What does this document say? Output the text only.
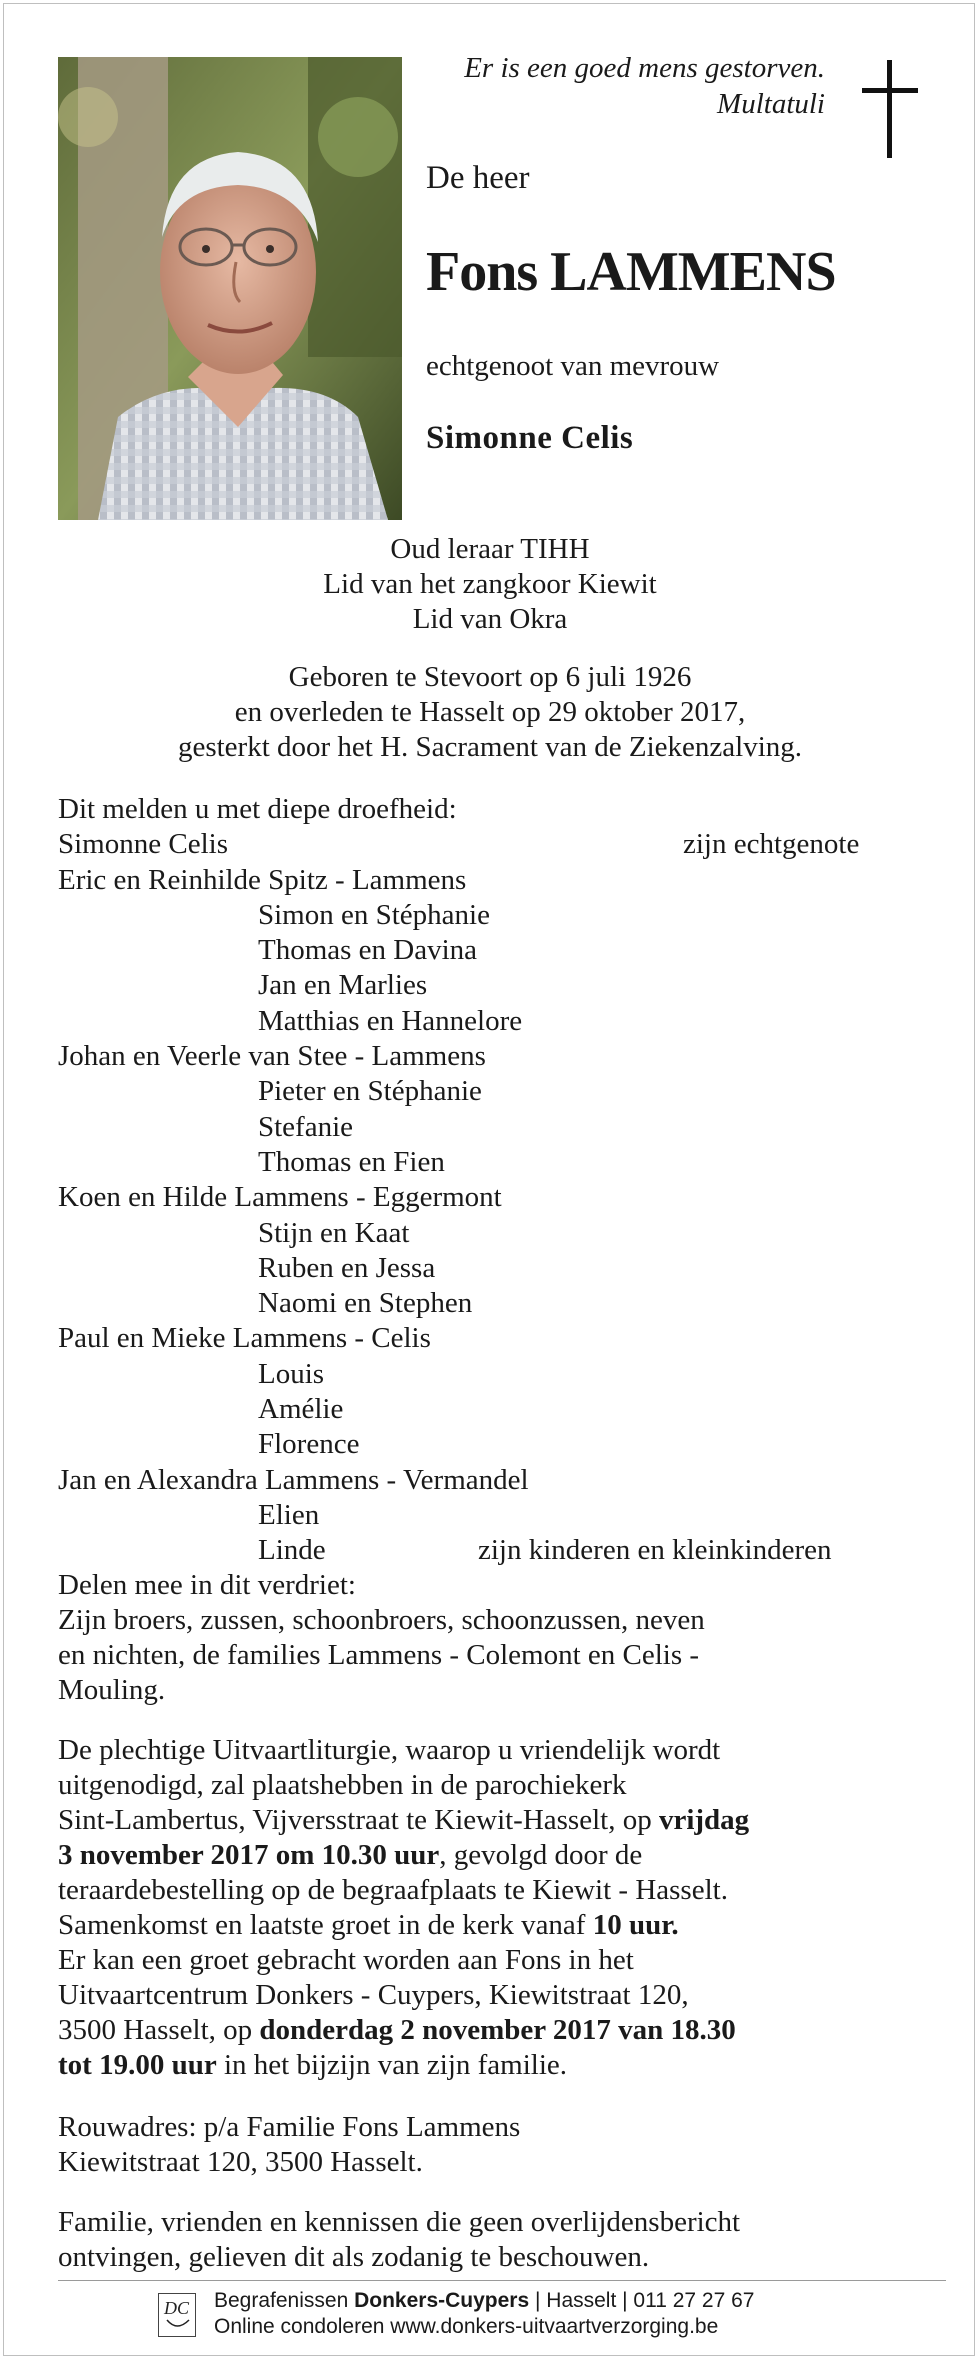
Er is een goed mens gestorven.
Multatuli
De heer
Fons LAMMENS
echtgenoot van mevrouw
Simonne Celis
Oud leraar TIHH
Lid van het zangkoor Kiewit
Lid van Okra
Geboren te Stevoort op 6 juli 1926
en overleden te Hasselt op 29 oktober 2017,
gesterkt door het H. Sacrament van de Ziekenzalving.
Dit melden u met diepe droefheid:
Simonne Celis	zijn echtgenote
Eric en Reinhilde Spitz - Lammens
Simon en Stéphanie
Thomas en Davina
Jan en Marlies
Matthias en Hannelore
Johan en Veerle van Stee - Lammens
Pieter en Stéphanie
Stefanie
Thomas en Fien
Koen en Hilde Lammens - Eggermont
Stijn en Kaat
Ruben en Jessa
Naomi en Stephen
Paul en Mieke Lammens - Celis
Louis
Amélie
Florence
Jan en Alexandra Lammens - Vermandel
Elien
Linde	zijn kinderen en kleinkinderen
Delen mee in dit verdriet:
Zijn broers, zussen, schoonbroers, schoonzussen, neven
en nichten, de families Lammens - Colemont en Celis -
Mouling.
De plechtige Uitvaartliturgie, waarop u vriendelijk wordt
uitgenodigd, zal plaatshebben in de parochiekerk
Sint-Lambertus, Vijversstraat te Kiewit-Hasselt, op vrijdag
3 november 2017 om 10.30 uur, gevolgd door de
teraardebestelling op de begraafplaats te Kiewit - Hasselt.
Samenkomst en laatste groet in de kerk vanaf 10 uur.
Er kan een groet gebracht worden aan Fons in het
Uitvaartcentrum Donkers - Cuypers, Kiewitstraat 120,
3500 Hasselt, op donderdag 2 november 2017 van 18.30
tot 19.00 uur in het bijzijn van zijn familie.
Rouwadres: p/a Familie Fons Lammens
Kiewitstraat 120, 3500 Hasselt.
Familie, vrienden en kennissen die geen overlijdensbericht
ontvingen, gelieven dit als zodanig te beschouwen.
DC Begrafenissen Donkers-Cuypers | Hasselt | 011 27 27 67
Online condoleren www.donkers-uitvaartverzorging.be
